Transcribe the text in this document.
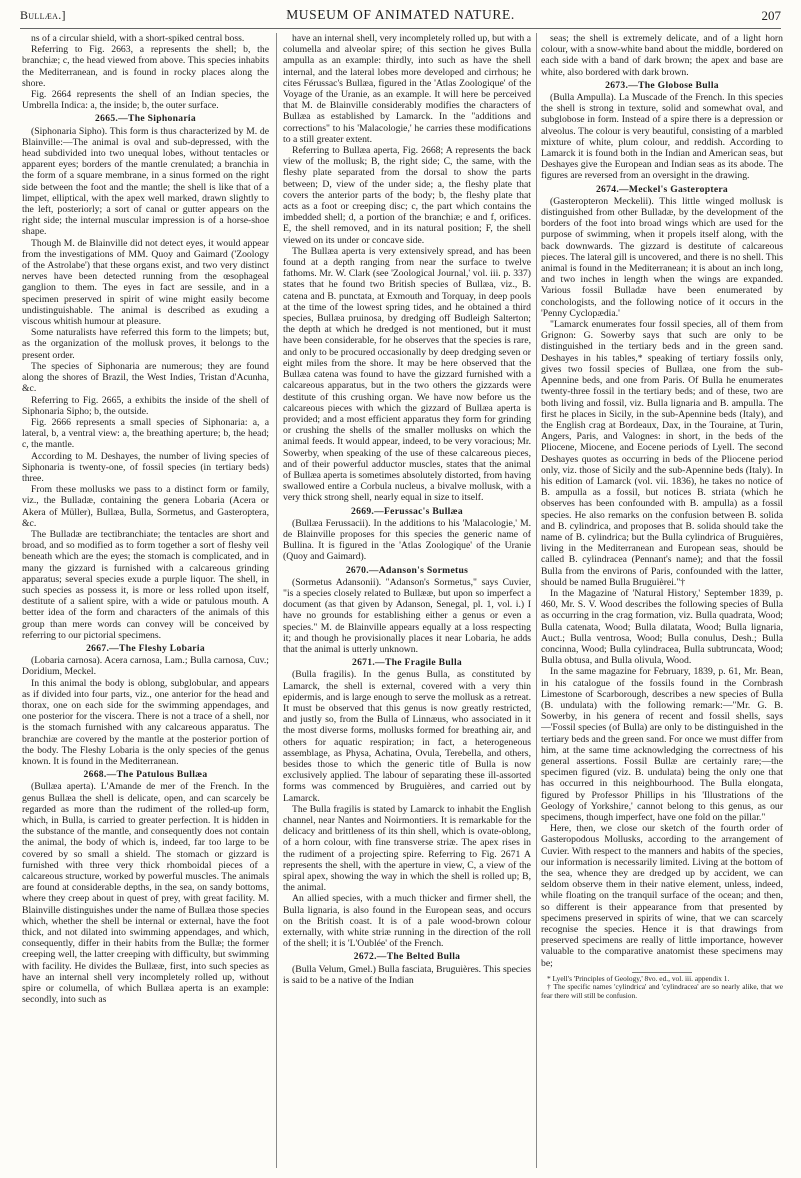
Bullæa.]	MUSEUM OF ANIMATED NATURE.	207

ns of a circular shield, with a short-spiked central boss.

Referring to Fig. 2663, a represents the shell; b, the branchiæ; c, the head viewed from above. This species inhabits the Mediterranean, and is found in rocky places along the shore.

Fig. 2664 represents the shell of an Indian species, the Umbrella Indica: a, the inside; b, the outer surface.

2665.—The Siphonaria

(Siphonaria Sipho). This form is thus characterized by M. de Blainville:—The animal is oval and sub-depressed, with the head subdivided into two unequal lobes, without tentacles or apparent eyes; borders of the mantle crenulated; a branchia in the form of a square membrane, in a sinus formed on the right side between the foot and the mantle; the shell is like that of a limpet, elliptical, with the apex well marked, drawn slightly to the left, posteriorly; a sort of canal or gutter appears on the right side; the internal muscular impression is of a horse-shoe shape.

Though M. de Blainville did not detect eyes, it would appear from the investigations of MM. Quoy and Gaimard ('Zoology of the Astrolabe') that these organs exist, and two very distinct nerves have been detected running from the œsophageal ganglion to them. The eyes in fact are sessile, and in a specimen preserved in spirit of wine might easily become undistinguishable. The animal is described as exuding a viscous whitish humour at pleasure.

Some naturalists have referred this form to the limpets; but, as the organization of the mollusk proves, it belongs to the present order.

The species of Siphonaria are numerous; they are found along the shores of Brazil, the West Indies, Tristan d'Acunha, &c.

Referring to Fig. 2665, a exhibits the inside of the shell of Siphonaria Sipho; b, the outside.

Fig. 2666 represents a small species of Siphonaria: a, a lateral, b, a ventral view: a, the breathing aperture; b, the head; c, the mantle.

According to M. Deshayes, the number of living species of Siphonaria is twenty-one, of fossil species (in tertiary beds) three.

From these mollusks we pass to a distinct form or family, viz., the Bulladæ, containing the genera Lobaria (Acera or Akera of Müller), Bullæa, Bulla, Sormetus, and Gasteroptera, &c.

The Bulladæ are tectibranchiate; the tentacles are short and broad, and so modified as to form together a sort of fleshy veil beneath which are the eyes; the stomach is complicated, and in many the gizzard is furnished with a calcareous grinding apparatus; several species exude a purple liquor. The shell, in such species as possess it, is more or less rolled upon itself, destitute of a salient spire, with a wide or patulous mouth. A better idea of the form and characters of the animals of this group than mere words can convey will be conceived by referring to our pictorial specimens.

2667.—The Fleshy Lobaria

(Lobaria carnosa). Acera carnosa, Lam.; Bulla carnosa, Cuv.; Doridium, Meckel.

In this animal the body is oblong, subglobular, and appears as if divided into four parts, viz., one anterior for the head and thorax, one on each side for the swimming appendages, and one posterior for the viscera. There is not a trace of a shell, nor is the stomach furnished with any calcareous apparatus. The branchiæ are covered by the mantle at the posterior portion of the body. The Fleshy Lobaria is the only species of the genus known. It is found in the Mediterranean.

2668.—The Patulous Bullæa

(Bullæa aperta). L'Amande de mer of the French. In the genus Bullæa the shell is delicate, open, and can scarcely be regarded as more than the rudiment of the rolled-up form, which, in Bulla, is carried to greater perfection. It is hidden in the substance of the mantle, and consequently does not contain the animal, the body of which is, indeed, far too large to be covered by so small a shield. The stomach or gizzard is furnished with three very thick rhomboidal pieces of a calcareous structure, worked by powerful muscles. The animals are found at considerable depths, in the sea, on sandy bottoms, where they creep about in quest of prey, with great facility. M. Blainville distinguishes under the name of Bullæa those species which, whether the shell be internal or external, have the foot thick, and not dilated into swimming appendages, and which, consequently, differ in their habits from the Bullæ; the former creeping well, the latter creeping with difficulty, but swimming with facility. He divides the Bullææ, first, into such species as have an internal shell very incompletely rolled up, without spire or columella, of which Bullæa aperta is an example: secondly, into such as

have an internal shell, very incompletely rolled up, but with a columella and alveolar spire; of this section he gives Bulla ampulla as an example: thirdly, into such as have the shell internal, and the lateral lobes more developed and cirrhous; he cites Férussac's Bullæa, figured in the 'Atlas Zoologique' of the Voyage of the Uranie, as an example. It will here be perceived that M. de Blainville considerably modifies the characters of Bullæa as established by Lamarck. In the "additions and corrections" to his 'Malacologie,' he carries these modifications to a still greater extent.

Referring to Bullæa aperta, Fig. 2668; A represents the back view of the mollusk; B, the right side; C, the same, with the fleshy plate separated from the dorsal to show the parts between; D, view of the under side; a, the fleshy plate that covers the anterior parts of the body; b, the fleshy plate that acts as a foot or creeping disc; c, the part which contains the imbedded shell; d, a portion of the branchiæ; e and f, orifices. E, the shell removed, and in its natural position; F, the shell viewed on its under or concave side.

The Bullæa aperta is very extensively spread, and has been found at a depth ranging from near the surface to twelve fathoms. Mr. W. Clark (see 'Zoological Journal,' vol. iii. p. 337) states that he found two British species of Bullæa, viz., B. catena and B. punctata, at Exmouth and Torquay, in deep pools at the time of the lowest spring tides, and he obtained a third species, Bullæa pruinosa, by dredging off Budleigh Salterton; the depth at which he dredged is not mentioned, but it must have been considerable, for he observes that the species is rare, and only to be procured occasionally by deep dredging seven or eight miles from the shore. It may be here observed that the Bullæa catena was found to have the gizzard furnished with a calcareous apparatus, but in the two others the gizzards were destitute of this crushing organ. We have now before us the calcareous pieces with which the gizzard of Bullæa aperta is provided; and a most efficient apparatus they form for grinding or crushing the shells of the smaller mollusks on which the animal feeds. It would appear, indeed, to be very voracious; Mr. Sowerby, when speaking of the use of these calcareous pieces, and of their powerful adductor muscles, states that the animal of Bullæa aperta is sometimes absolutely distorted, from having swallowed entire a Corbula nucleus, a bivalve mollusk, with a very thick strong shell, nearly equal in size to itself.

2669.—Ferussac's Bullæa

(Bullæa Ferussacii). In the additions to his 'Malacologie,' M. de Blainville proposes for this species the generic name of Bullina. It is figured in the 'Atlas Zoologique' of the Uranie (Quoy and Gaimard).

2670.—Adanson's Sormetus

(Sormetus Adansonii). "Adanson's Sormetus," says Cuvier, "is a species closely related to Bullææ, but upon so imperfect a document (as that given by Adanson, Senegal, pl. 1, vol. i.) I have no grounds for establishing either a genus or even a species." M. de Blainville appears equally at a loss respecting it; and though he provisionally places it near Lobaria, he adds that the animal is utterly unknown.

2671.—The Fragile Bulla

(Bulla fragilis). In the genus Bulla, as constituted by Lamarck, the shell is external, covered with a very thin epidermis, and is large enough to serve the mollusk as a retreat. It must be observed that this genus is now greatly restricted, and justly so, from the Bulla of Linnæus, who associated in it the most diverse forms, mollusks formed for breathing air, and others for aquatic respiration; in fact, a heterogeneous assemblage, as Physa, Achatina, Ovula, Terebella, and others, besides those to which the generic title of Bulla is now exclusively applied. The labour of separating these ill-assorted forms was commenced by Bruguières, and carried out by Lamarck.

The Bulla fragilis is stated by Lamarck to inhabit the English channel, near Nantes and Noirmontiers. It is remarkable for the delicacy and brittleness of its thin shell, which is ovate-oblong, of a horn colour, with fine transverse striæ. The apex rises in the rudiment of a projecting spire. Referring to Fig. 2671 A represents the shell, with the aperture in view, C, a view of the spiral apex, showing the way in which the shell is rolled up; B, the animal.

An allied species, with a much thicker and firmer shell, the Bulla lignaria, is also found in the European seas, and occurs on the British coast. It is of a pale wood-brown colour externally, with white striæ running in the direction of the roll of the shell; it is 'L'Oublée' of the French.

2672.—The Belted Bulla

(Bulla Velum, Gmel.) Bulla fasciata, Bruguières. This species is said to be a native of the Indian

seas; the shell is extremely delicate, and of a light horn colour, with a snow-white band about the middle, bordered on each side with a band of dark brown; the apex and base are white, also bordered with dark brown.

2673.—The Globose Bulla

(Bulla Ampulla). La Muscade of the French. In this species the shell is strong in texture, solid and somewhat oval, and subglobose in form. Instead of a spire there is a depression or alveolus. The colour is very beautiful, consisting of a marbled mixture of white, plum colour, and reddish. According to Lamarck it is found both in the Indian and American seas, but Deshayes give the European and Indian seas as its abode. The figures are reversed from an oversight in the drawing.

2674.—Meckel's Gasteroptera

(Gasteropteron Meckelii). This little winged mollusk is distinguished from other Bulladæ, by the development of the borders of the foot into broad wings which are used for the purpose of swimming, when it propels itself along, with the back downwards. The gizzard is destitute of calcareous pieces. The lateral gill is uncovered, and there is no shell. This animal is found in the Mediterranean; it is about an inch long, and two inches in length when the wings are expanded. Various fossil Bulladæ have been enumerated by conchologists, and the following notice of it occurs in the 'Penny Cyclopædia.'

"Lamarck enumerates four fossil species, all of them from Grignon: G. Sowerby says that such are only to be distinguished in the tertiary beds and in the green sand. Deshayes in his tables,* speaking of tertiary fossils only, gives two fossil species of Bullæa, one from the sub-Apennine beds, and one from Paris. Of Bulla he enumerates twenty-three fossil in the tertiary beds; and of these, two are both living and fossil, viz. Bulla lignaria and B. ampulla. The first he places in Sicily, in the sub-Apennine beds (Italy), and the English crag at Bordeaux, Dax, in the Touraine, at Turin, Angers, Paris, and Valognes: in short, in the beds of the Pliocene, Miocene, and Eocene periods of Lyell. The second Deshayes quotes as occurring in beds of the Pliocene period only, viz. those of Sicily and the sub-Apennine beds (Italy). In his edition of Lamarck (vol. vii. 1836), he takes no notice of B. ampulla as a fossil, but notices B. striata (which he observes has been confounded with B. ampulla) as a fossil species. He also remarks on the confusion between B. solida and B. cylindrica, and proposes that B. solida should take the name of B. cylindrica; but the Bulla cylindrica of Bruguières, living in the Mediterranean and European seas, should be called B. cylindracea (Pennant's name); and that the fossil Bulla from the environs of Paris, confounded with the latter, should be named Bulla Bruguièrei."†

In the Magazine of 'Natural History,' September 1839, p. 460, Mr. S. V. Wood describes the following species of Bulla as occurring in the crag formation, viz. Bulla quadrata, Wood; Bulla catenata, Wood; Bulla dilatata, Wood; Bulla lignaria, Auct.; Bulla ventrosa, Wood; Bulla conulus, Desh.; Bulla concinna, Wood; Bulla cylindracea, Bulla subtruncata, Wood; Bulla obtusa, and Bulla olivula, Wood.

In the same magazine for February, 1839, p. 61, Mr. Bean, in his catalogue of the fossils found in the Cornbrash Limestone of Scarborough, describes a new species of Bulla (B. undulata) with the following remark:—"Mr. G. B. Sowerby, in his genera of recent and fossil shells, says—'Fossil species (of Bulla) are only to be distinguished in the tertiary beds and the green sand. For once we must differ from him, at the same time acknowledging the correctness of his general assertions. Fossil Bullæ are certainly rare;—the specimen figured (viz. B. undulata) being the only one that has occurred in this neighbourhood. The Bulla elongata, figured by Professor Phillips in his 'Illustrations of the Geology of Yorkshire,' cannot belong to this genus, as our specimens, though imperfect, have one fold on the pillar."

Here, then, we close our sketch of the fourth order of Gasteropodous Mollusks, according to the arrangement of Cuvier. With respect to the manners and habits of the species, our information is necessarily limited. Living at the bottom of the sea, whence they are dredged up by accident, we can seldom observe them in their native element, unless, indeed, while floating on the tranquil surface of the ocean; and then, so different is their appearance from that presented by specimens preserved in spirits of wine, that we can scarcely recognise the species. Hence it is that drawings from preserved specimens are really of little importance, however valuable to the comparative anatomist these specimens may be;

* Lyell's 'Principles of Geology,' 8vo. ed., vol. iii. appendix 1.

† The specific names 'cylindrica' and 'cylindracea' are so nearly alike, that we fear there will still be confusion.
